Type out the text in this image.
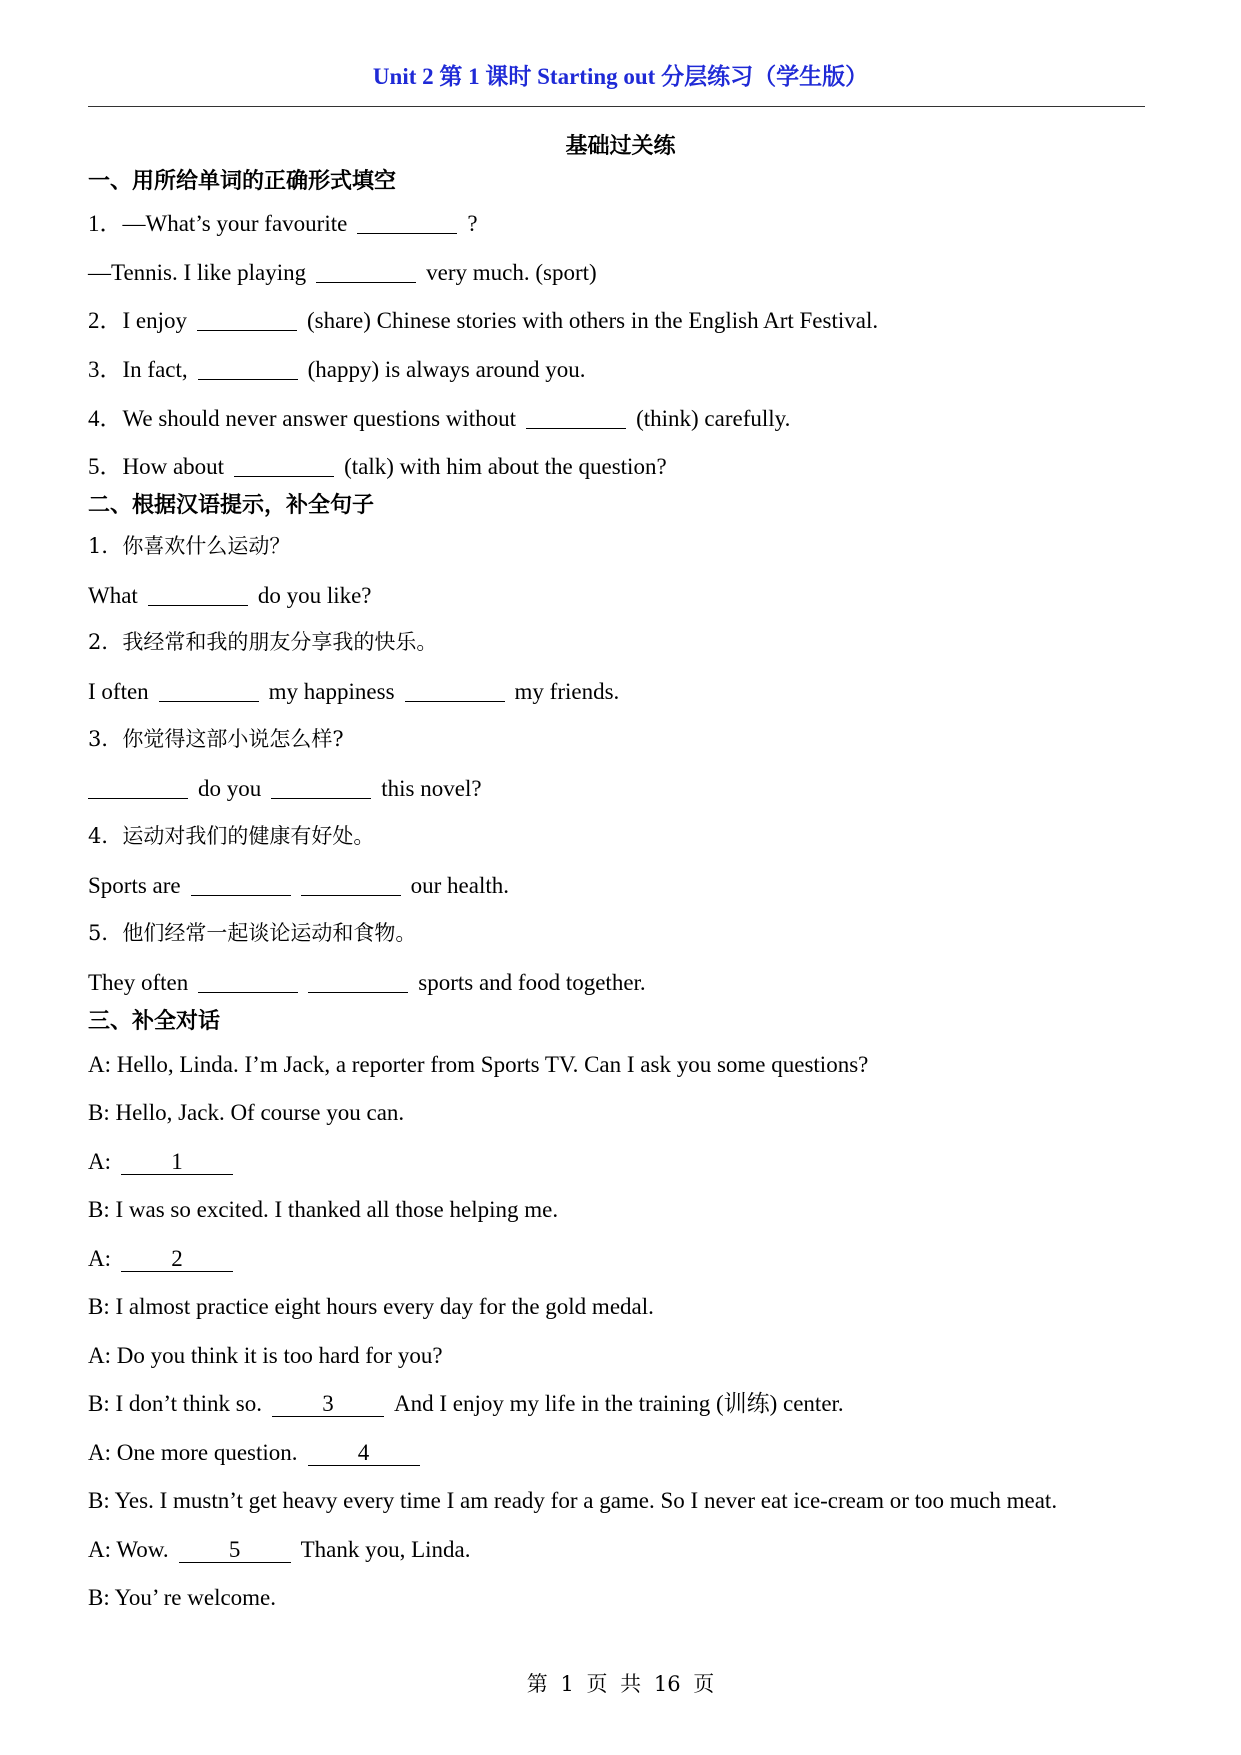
Unit 2 第 1 课时 Starting out 分层练习（学生版）
基础过关练
一、用所给单词的正确形式填空
1．—What’s your favourite	?
—Tennis. I like playing	very much. (sport)
2．I enjoy	(share) Chinese stories with others in the English Art Festival.
3．In fact,	(happy) is always around you.
4．We should never answer questions without	(think) carefully.
5．How about	(talk) with him about the question?
二、根据汉语提示，补全句子
1．你喜欢什么运动？
What	do you like?
2．我经常和我的朋友分享我的快乐。
I often	my happiness	my friends.
3．你觉得这部小说怎么样?
do you	this novel?
4．运动对我们的健康有好处。
Sports are	our health.
5．他们经常一起谈论运动和食物。
They often	sports and food together.
三、补全对话
A: Hello, Linda. I’m Jack, a reporter from Sports TV. Can I ask you some questions?
B: Hello, Jack. Of course you can.
A:	1
B: I was so excited. I thanked all those helping me.
A:	2
B: I almost practice eight hours every day for the gold medal.
A: Do you think it is too hard for you?
B: I don’t think so.	3	And I enjoy my life in the training (训练) center.
A: One more question.	4
B: Yes. I mustn’t get heavy every time I am ready for a game. So I never eat ice-cream or too much meat.
A: Wow.	5	Thank you, Linda.
B: You’ re welcome.
第 1 页 共 16 页
